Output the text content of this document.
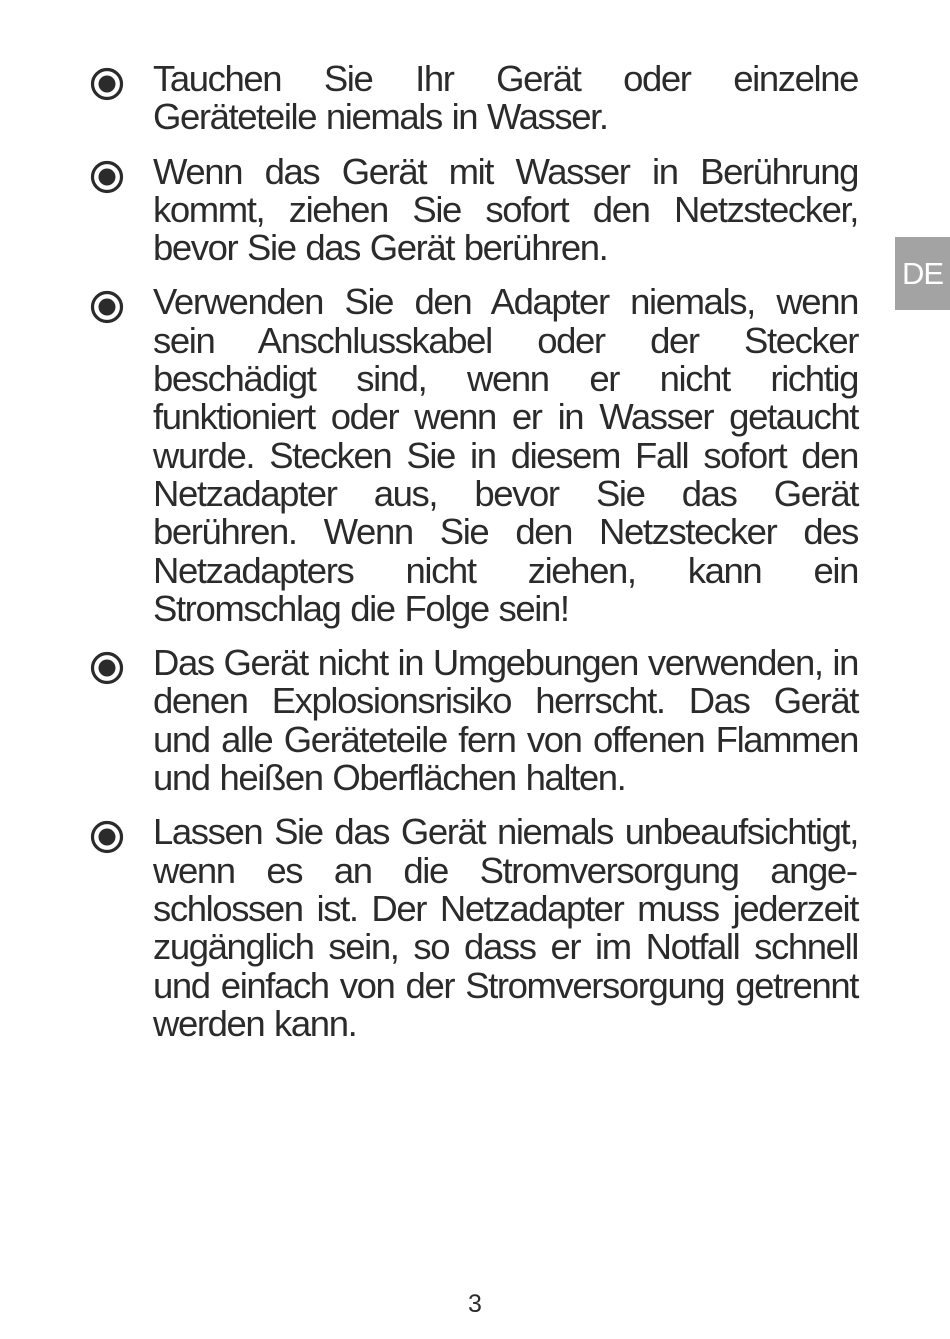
DE

Tauchen Sie Ihr Gerät oder einzelne Geräteteile niemals in Wasser.

Wenn das Gerät mit Wasser in Berührung kommt, ziehen Sie sofort den Netzstecker, bevor Sie das Gerät berühren.

Verwenden Sie den Adapter niemals, wenn sein Anschlusskabel oder der Stecker beschädigt sind, wenn er nicht richtig funktioniert oder wenn er in Wasser getaucht wurde. Stecken Sie in diesem Fall sofort den Netzadapter aus, bevor Sie das Gerät berühren. Wenn Sie den Netzstecker des Netzadapters nicht ziehen, kann ein Stromschlag die Folge sein!

Das Gerät nicht in Umgebungen verwenden, in denen Explosionsrisiko herrscht. Das Gerät und alle Geräteteile fern von offenen Flammen und heißen Oberflächen halten.

Lassen Sie das Gerät niemals unbeaufsichtigt, wenn es an die Stromversorgung angeschlossen ist. Der Netzadapter muss jederzeit zugänglich sein, so dass er im Notfall schnell und einfach von der Stromversorgung getrennt werden kann.

3
